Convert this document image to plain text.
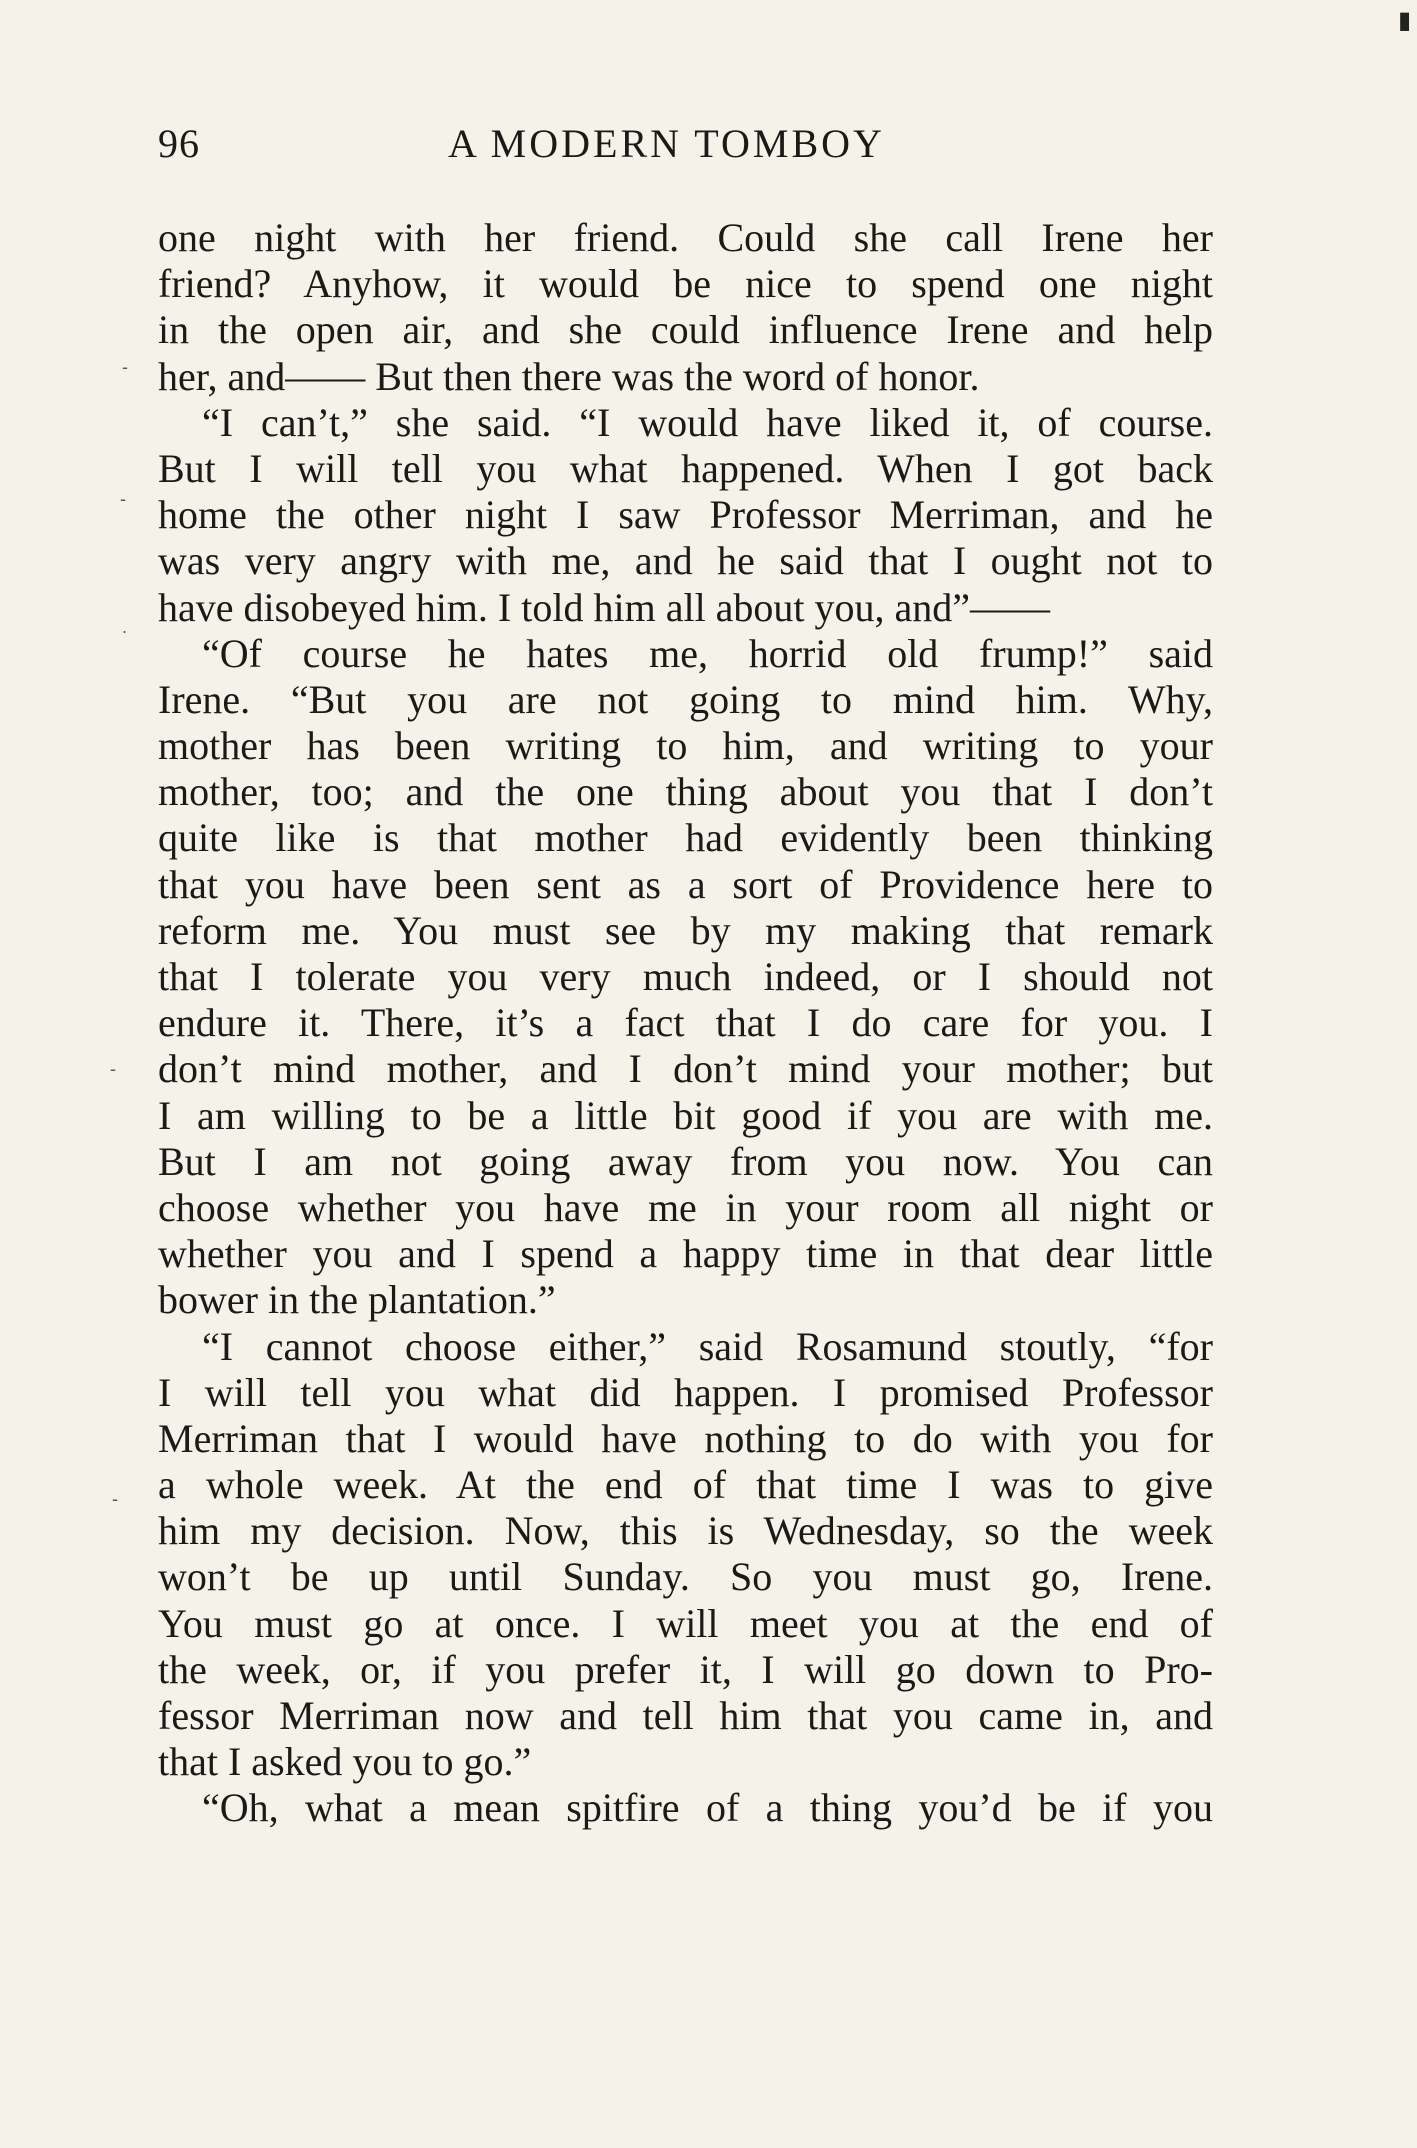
96	A MODERN TOMBOY
one night with her friend. Could she call Irene her
friend? Anyhow, it would be nice to spend one night
in the open air, and she could influence Irene and help
her, and—— But then there was the word of honor.
“I can’t,” she said. “I would have liked it, of course.
But I will tell you what happened. When I got back
home the other night I saw Professor Merriman, and he
was very angry with me, and he said that I ought not to
have disobeyed him. I told him all about you, and”——
“Of course he hates me, horrid old frump!” said
Irene. “But you are not going to mind him. Why,
mother has been writing to him, and writing to your
mother, too; and the one thing about you that I don’t
quite like is that mother had evidently been thinking
that you have been sent as a sort of Providence here to
reform me. You must see by my making that remark
that I tolerate you very much indeed, or I should not
endure it. There, it’s a fact that I do care for you. I
don’t mind mother, and I don’t mind your mother; but
I am willing to be a little bit good if you are with me.
But I am not going away from you now. You can
choose whether you have me in your room all night or
whether you and I spend a happy time in that dear little
bower in the plantation.”
“I cannot choose either,” said Rosamund stoutly, “for
I will tell you what did happen. I promised Professor
Merriman that I would have nothing to do with you for
a whole week. At the end of that time I was to give
him my decision. Now, this is Wednesday, so the week
won’t be up until Sunday. So you must go, Irene.
You must go at once. I will meet you at the end of
the week, or, if you prefer it, I will go down to Pro-
fessor Merriman now and tell him that you came in, and
that I asked you to go.”
“Oh, what a mean spitfire of a thing you’d be if you
-
-
.
-
-
▮
